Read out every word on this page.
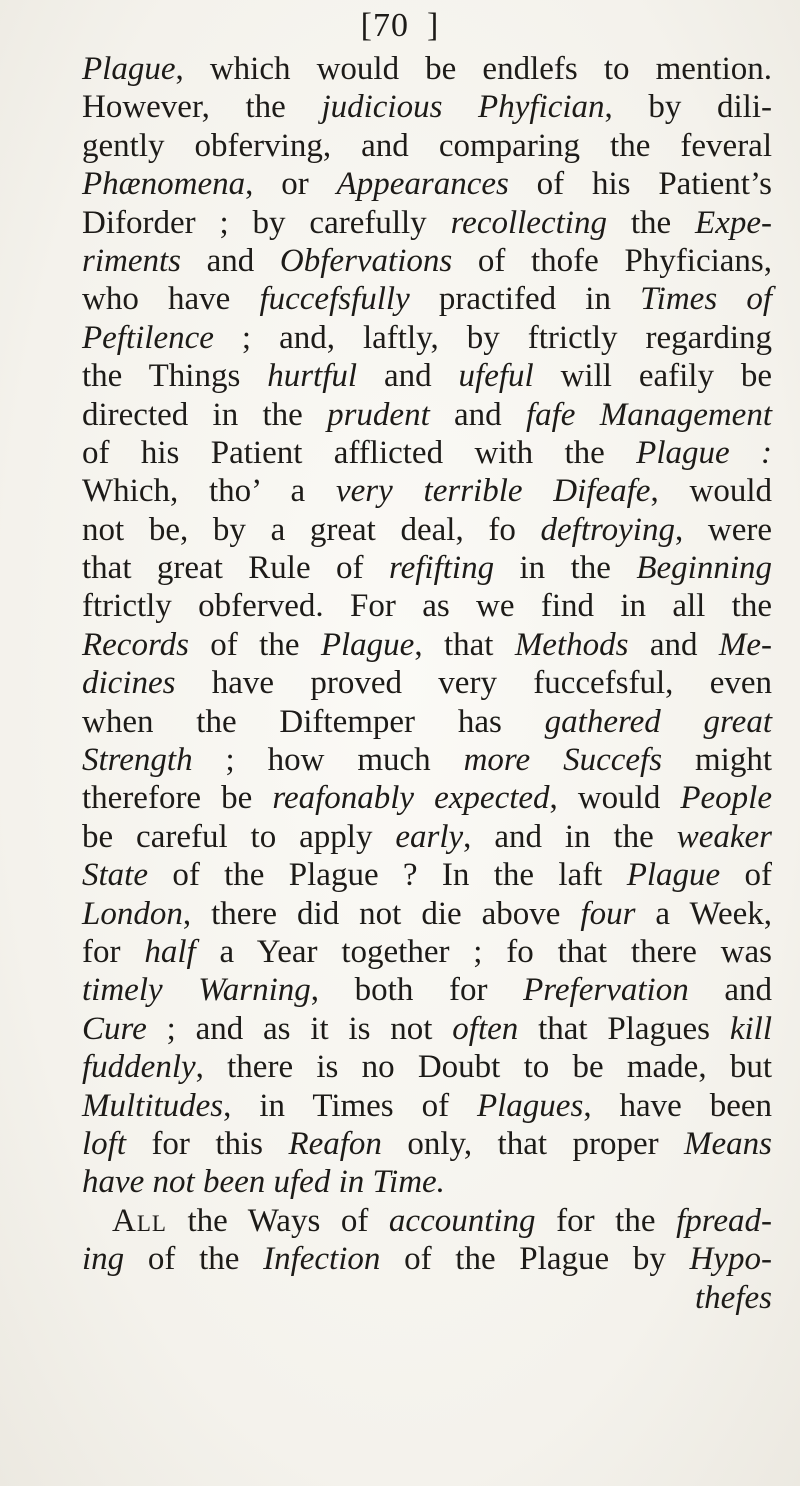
[70 ]
Plague, which would be endlefs to mention.
However, the judicious Phyfician, by dili-
gently obferving, and comparing the feveral
Phænomena, or Appearances of his Patient’s
Diforder ; by carefully recollecting the Expe-
riments and Obfervations of thofe Phyficians,
who have fuccefsfully practifed in Times of
Peftilence ; and, laftly, by ftrictly regarding
the Things hurtful and ufeful will eafily be
directed in the prudent and fafe Management
of his Patient afflicted with the Plague :
Which, tho’ a very terrible Difeafe, would
not be, by a great deal, fo deftroying, were
that great Rule of refifting in the Beginning
ftrictly obferved. For as we find in all the
Records of the Plague, that Methods and Me-
dicines have proved very fuccefsful, even
when the Diftemper has gathered great
Strength ; how much more Succefs might
therefore be reafonably expected, would People
be careful to apply early, and in the weaker
State of the Plague ? In the laft Plague of
London, there did not die above four a Week,
for half a Year together ; fo that there was
timely Warning, both for Prefervation and
Cure ; and as it is not often that Plagues kill
fuddenly, there is no Doubt to be made, but
Multitudes, in Times of Plagues, have been
loft for this Reafon only, that proper Means
have not been ufed in Time.
All the Ways of accounting for the fpread-
ing of the Infection of the Plague by Hypo-
thefes
